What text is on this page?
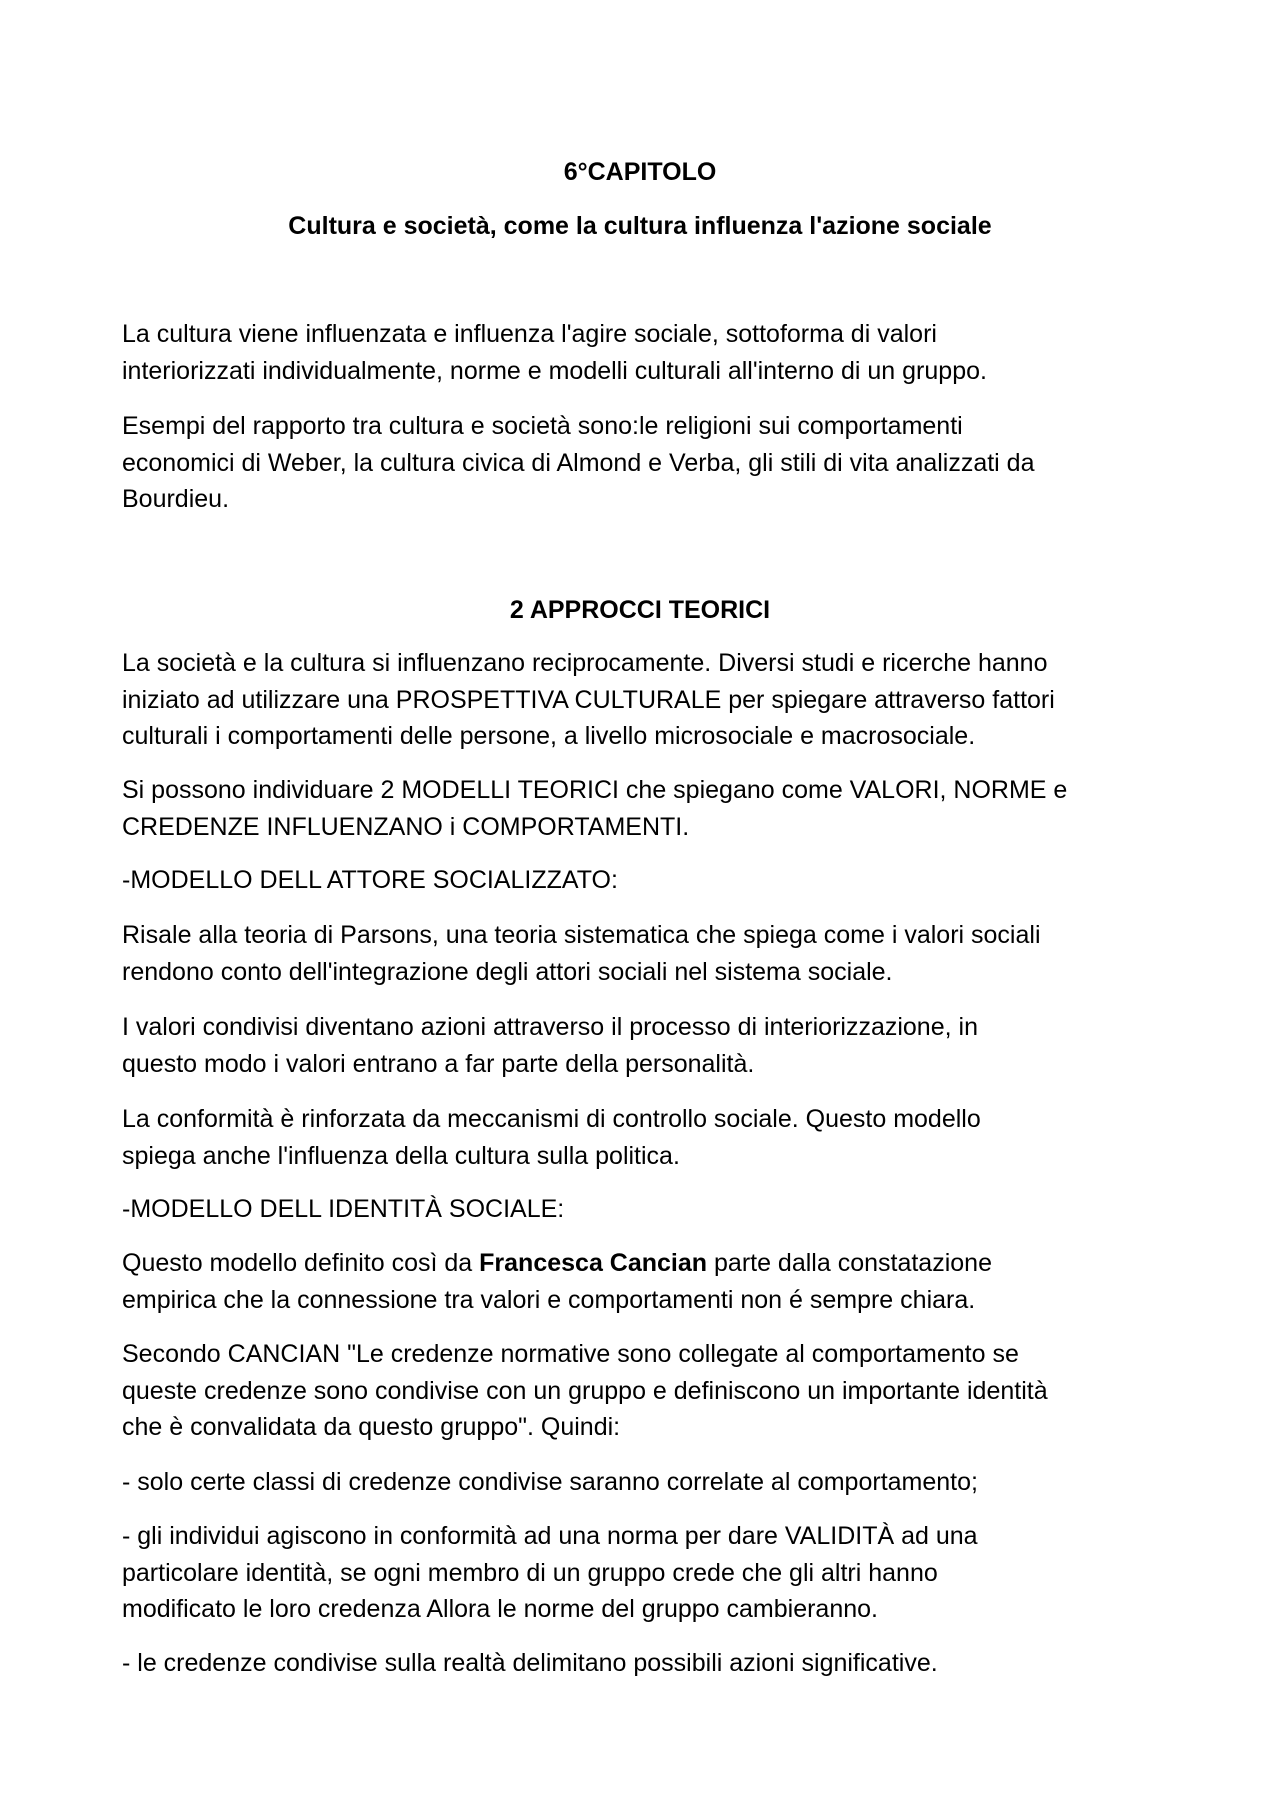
6°CAPITOLO
Cultura e società, come la cultura influenza l'azione sociale

La cultura viene influenzata e influenza l'agire sociale, sottoforma di valori
interiorizzati individualmente, norme e modelli culturali all'interno di un gruppo.

Esempi del rapporto tra cultura e società sono:le religioni sui comportamenti
economici di Weber, la cultura civica di Almond e Verba, gli stili di vita analizzati da
Bourdieu.

2 APPROCCI TEORICI

La società e la cultura si influenzano reciprocamente. Diversi studi e ricerche hanno
iniziato ad utilizzare una PROSPETTIVA CULTURALE per spiegare attraverso fattori
culturali i comportamenti delle persone, a livello microsociale e macrosociale.

Si possono individuare 2 MODELLI TEORICI che spiegano come VALORI, NORME e
CREDENZE INFLUENZANO i COMPORTAMENTI.

-MODELLO DELL ATTORE SOCIALIZZATO:

Risale alla teoria di Parsons, una teoria sistematica che spiega come i valori sociali
rendono conto dell'integrazione degli attori sociali nel sistema sociale.

I valori condivisi diventano azioni attraverso il processo di interiorizzazione, in
questo modo i valori entrano a far parte della personalità.

La conformità è rinforzata da meccanismi di controllo sociale. Questo modello
spiega anche l'influenza della cultura sulla politica.

-MODELLO DELL IDENTITÀ SOCIALE:

Questo modello definito così da Francesca Cancian parte dalla constatazione
empirica che la connessione tra valori e comportamenti non é sempre chiara.

Secondo CANCIAN "Le credenze normative sono collegate al comportamento se
queste credenze sono condivise con un gruppo e definiscono un importante identità
che è convalidata da questo gruppo". Quindi:

- solo certe classi di credenze condivise saranno correlate al comportamento;

- gli individui agiscono in conformità ad una norma per dare VALIDITÀ ad una
particolare identità, se ogni membro di un gruppo crede che gli altri hanno
modificato le loro credenza Allora le norme del gruppo cambieranno.

- le credenze condivise sulla realtà delimitano possibili azioni significative.
